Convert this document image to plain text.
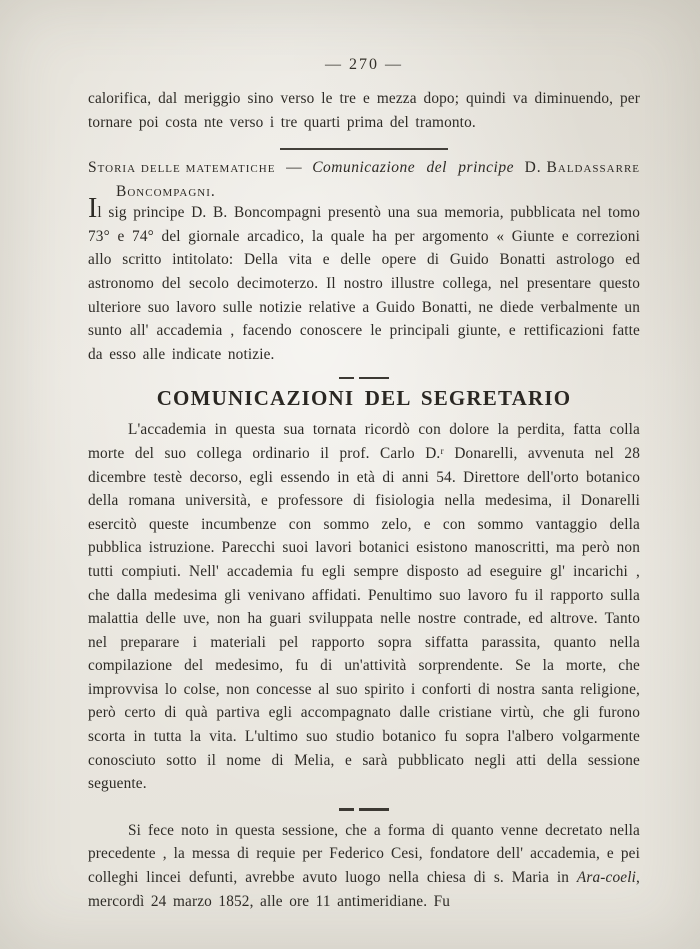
— 270 —

calorifica, dal meriggio sino verso le tre e mezza dopo; quindi va diminuendo, per tornare poi costa nte verso i tre quarti prima del tramonto.

Storia delle matematiche — Comunicazione del principe D. Baldassarre
Boncompagni.

Il sig principe D. B. Boncompagni presentò una sua memoria, pubblicata nel tomo 73° e 74° del giornale arcadico, la quale ha per argomento « Giunte e correzioni allo scritto intitolato: Della vita e delle opere di Guido Bonatti astrologo ed astronomo del secolo decimoterzo. Il nostro illustre collega, nel presentare questo ulteriore suo lavoro sulle notizie relative a Guido Bonatti, ne diede verbalmente un sunto all' accademia , facendo conoscere le principali giunte, e rettificazioni fatte da esso alle indicate notizie.

COMUNICAZIONI DEL SEGRETARIO

L'accademia in questa sua tornata ricordò con dolore la perdita, fatta colla morte del suo collega ordinario il prof. Carlo D.ʳ Donarelli, avvenuta nel 28 dicembre testè decorso, egli essendo in età di anni 54. Direttore dell'orto botanico della romana università, e professore di fisiologia nella medesima, il Donarelli esercitò queste incumbenze con sommo zelo, e con sommo vantaggio della pubblica istruzione. Parecchi suoi lavori botanici esistono manoscritti, ma però non tutti compiuti. Nell' accademia fu egli sempre disposto ad eseguire gl' incarichi , che dalla medesima gli venivano affidati. Penultimo suo lavoro fu il rapporto sulla malattia delle uve, non ha guari sviluppata nelle nostre contrade, ed altrove. Tanto nel preparare i materiali pel rapporto sopra siffatta parassita, quanto nella compilazione del medesimo, fu di un'attività sorprendente. Se la morte, che improvvisa lo colse, non concesse al suo spirito i conforti di nostra santa religione, però certo di quà partiva egli accompagnato dalle cristiane virtù, che gli furono scorta in tutta la vita. L'ultimo suo studio botanico fu sopra l'albero volgarmente conosciuto sotto il nome di Melia, e sarà pubblicato negli atti della sessione seguente.

Si fece noto in questa sessione, che a forma di quanto venne decretato nella precedente , la messa di requie per Federico Cesi, fondatore dell' accademia, e pei colleghi lincei defunti, avrebbe avuto luogo nella chiesa di s. Maria in Ara-coeli, mercordì 24 marzo 1852, alle ore 11 antimeridiane. Fu
